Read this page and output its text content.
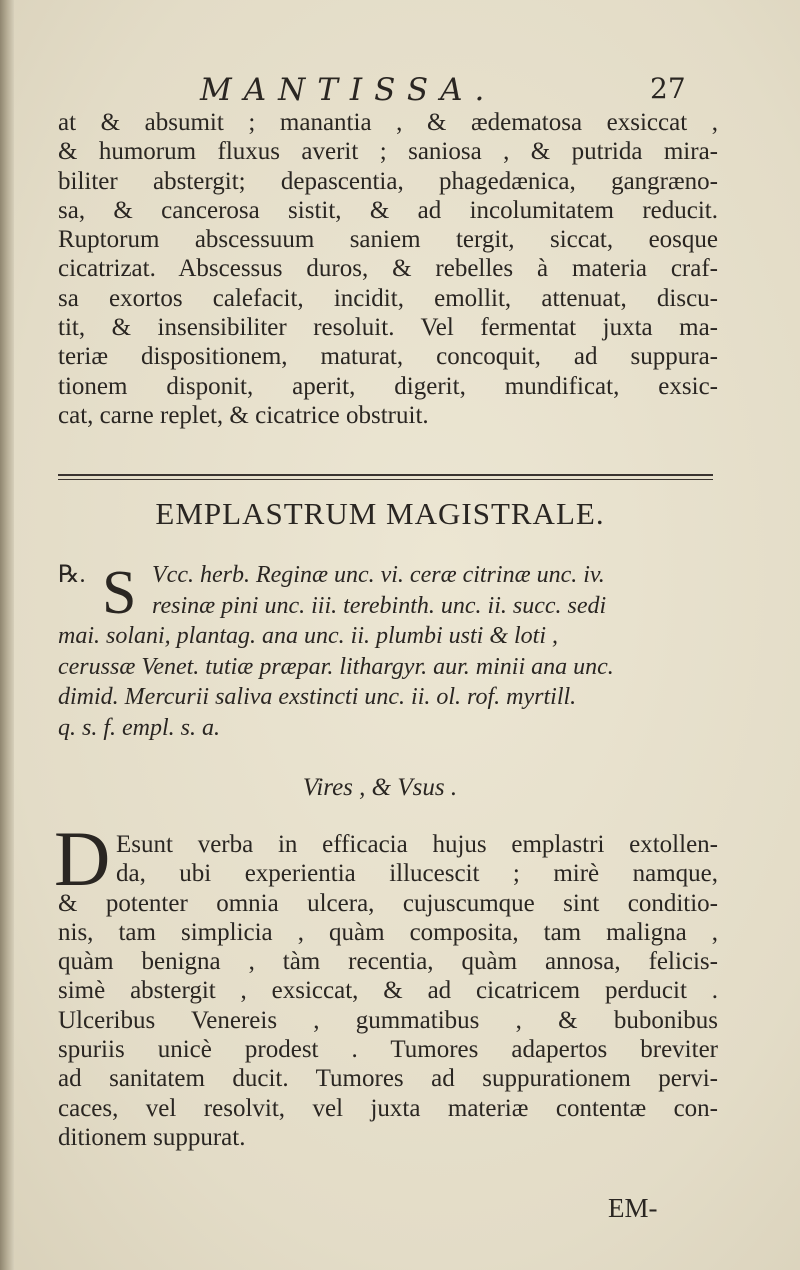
MANTISSA.	27
at & absumit ; manantia , & ædematosa exsiccat ,
& humorum fluxus averit ; saniosa , & putrida mira-
biliter abstergit; depascentia, phagedænica, gangræno-
sa, & cancerosa sistit, & ad incolumitatem reducit.
Ruptorum abscessuum saniem tergit, siccat, eosque
cicatrizat. Abscessus duros, & rebelles à materia craf-
sa exortos calefacit, incidit, emollit, attenuat, discu-
tit, & insensibiliter resoluit. Vel fermentat juxta ma-
teriæ dispositionem, maturat, concoquit, ad suppura-
tionem disponit, aperit, digerit, mundificat, exsic-
cat, carne replet, & cicatrice obstruit.
EMPLASTRUM MAGISTRALE.
℞. S Vcc. herb. Reginæ unc. vi. ceræ citrinæ unc. iv.
resinæ pini unc. iii. terebinth. unc. ii. succ. sedi
mai. solani, plantag. ana unc. ii. plumbi usti & loti ,
cerussæ Venet. tutiæ præpar. lithargyr. aur. minii ana unc.
dimid. Mercurii saliva exstincti unc. ii. ol. rof. myrtill.
q. s. f. empl. s. a.
Vires , & Vsus .
D Esunt verba in efficacia hujus emplastri extollen-
da, ubi experientia illucescit ; mirè namque,
& potenter omnia ulcera, cujuscumque sint conditio-
nis, tam simplicia , quàm composita, tam maligna ,
quàm benigna , tàm recentia, quàm annosa, felicis-
simè abstergit , exsiccat, & ad cicatricem perducit .
Ulceribus Venereis , gummatibus , & bubonibus
spuriis unicè prodest . Tumores adapertos breviter
ad sanitatem ducit. Tumores ad suppurationem pervi-
caces, vel resolvit, vel juxta materiæ contentæ con-
ditionem suppurat.
EM-
